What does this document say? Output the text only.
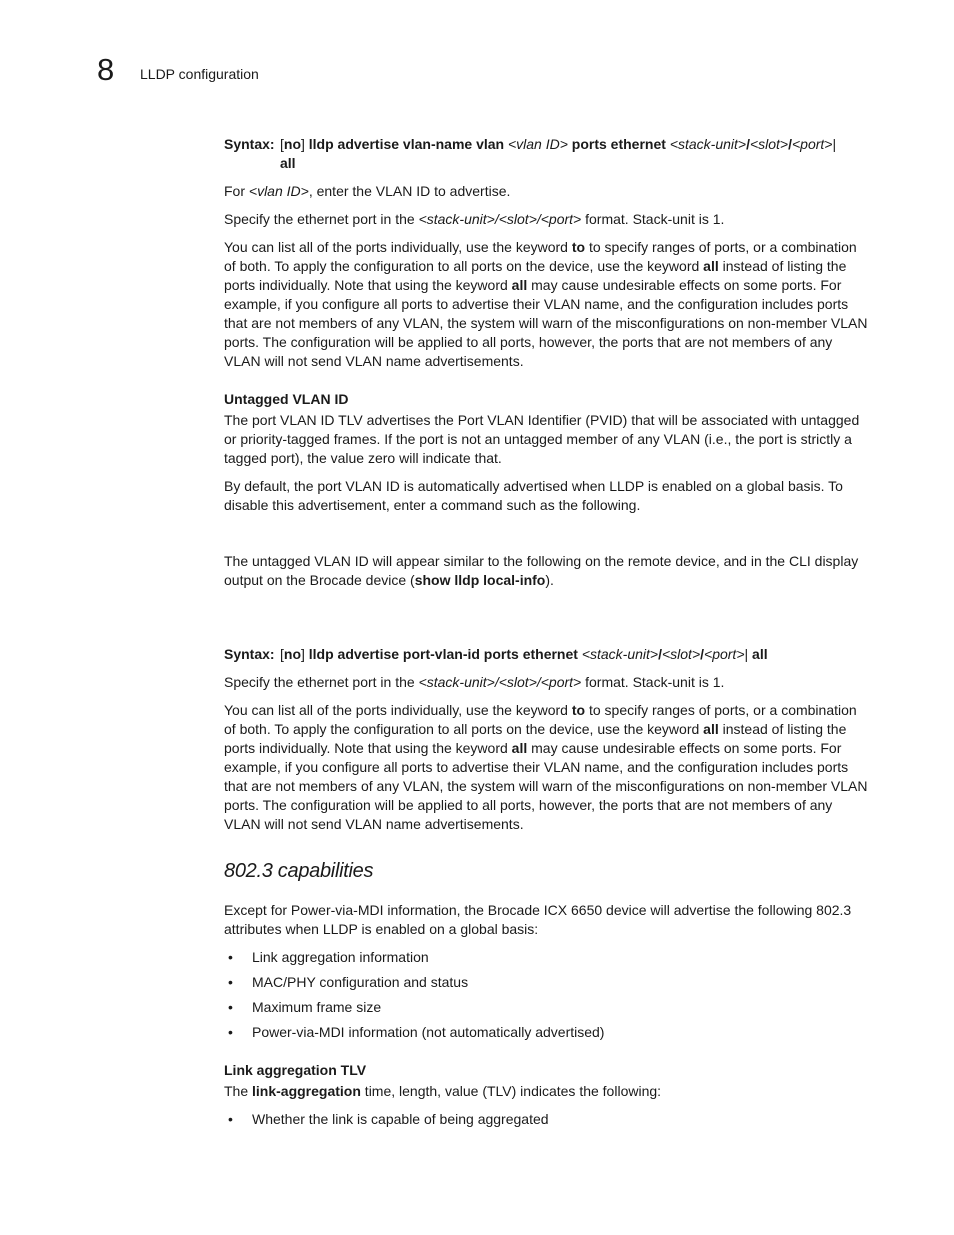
8 LLDP configuration
Syntax: [no] lldp advertise vlan-name vlan <vlan ID> ports ethernet <stack-unit>/<slot>/<port>|
all

For <vlan ID>, enter the VLAN ID to advertise.

Specify the ethernet port in the <stack-unit>/<slot>/<port> format. Stack-unit is 1.

You can list all of the ports individually, use the keyword to to specify ranges of ports, or a combination of both. To apply the configuration to all ports on the device, use the keyword all instead of listing the ports individually. Note that using the keyword all may cause undesirable effects on some ports. For example, if you configure all ports to advertise their VLAN name, and the configuration includes ports that are not members of any VLAN, the system will warn of the misconfigurations on non-member VLAN ports. The configuration will be applied to all ports, however, the ports that are not members of any VLAN will not send VLAN name advertisements.

Untagged VLAN ID

The port VLAN ID TLV advertises the Port VLAN Identifier (PVID) that will be associated with untagged or priority-tagged frames. If the port is not an untagged member of any VLAN (i.e., the port is strictly a tagged port), the value zero will indicate that.

By default, the port VLAN ID is automatically advertised when LLDP is enabled on a global basis. To disable this advertisement, enter a command such as the following.

The untagged VLAN ID will appear similar to the following on the remote device, and in the CLI display output on the Brocade device (show lldp local-info).

Syntax: [no] lldp advertise port-vlan-id ports ethernet <stack-unit>/<slot>/<port>| all

Specify the ethernet port in the <stack-unit>/<slot>/<port> format. Stack-unit is 1.

You can list all of the ports individually, use the keyword to to specify ranges of ports, or a combination of both. To apply the configuration to all ports on the device, use the keyword all instead of listing the ports individually. Note that using the keyword all may cause undesirable effects on some ports. For example, if you configure all ports to advertise their VLAN name, and the configuration includes ports that are not members of any VLAN, the system will warn of the misconfigurations on non-member VLAN ports. The configuration will be applied to all ports, however, the ports that are not members of any VLAN will not send VLAN name advertisements.

802.3 capabilities

Except for Power-via-MDI information, the Brocade ICX 6650 device will advertise the following 802.3 attributes when LLDP is enabled on a global basis:

• Link aggregation information
• MAC/PHY configuration and status
• Maximum frame size
• Power-via-MDI information (not automatically advertised)
Link aggregation TLV

The link-aggregation time, length, value (TLV) indicates the following:

• Whether the link is capable of being aggregated
